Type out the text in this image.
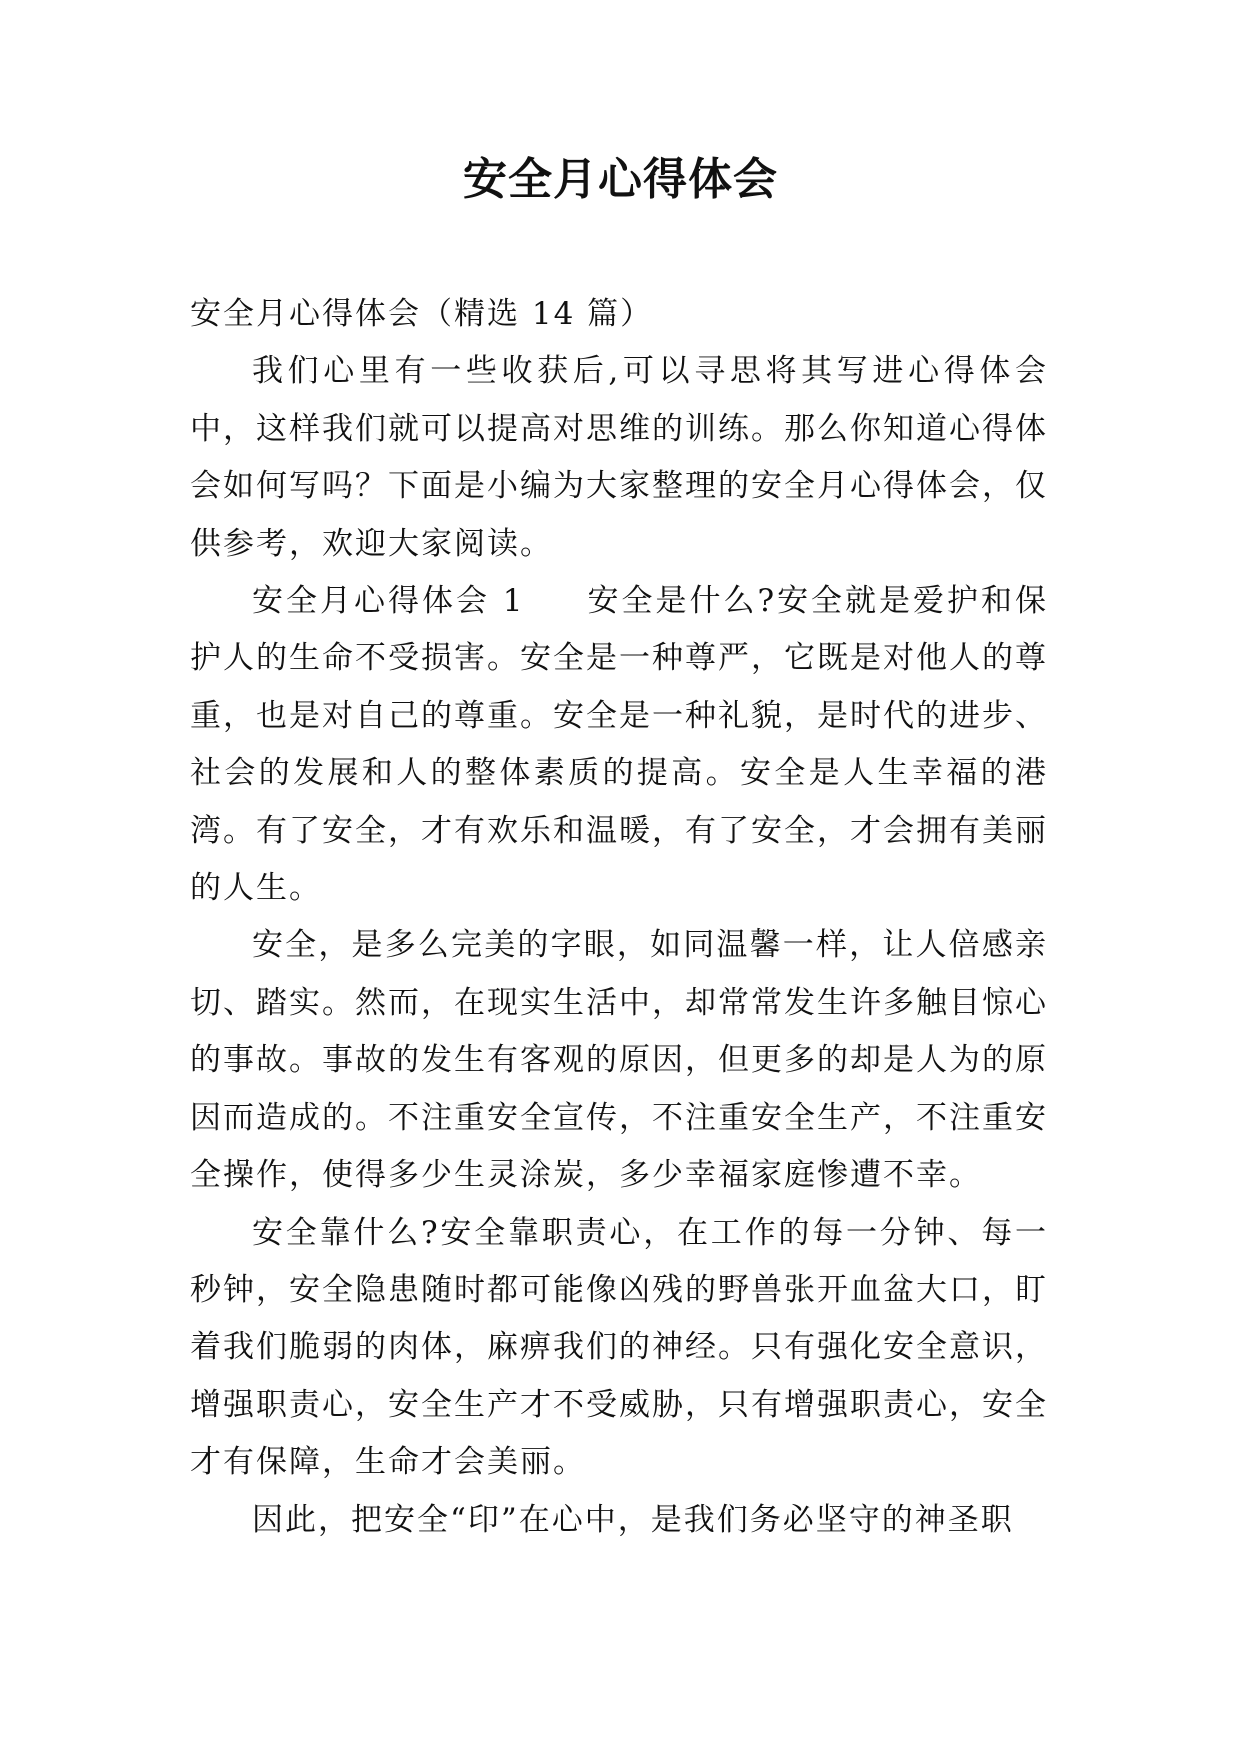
安全月心得体会

安全月心得体会（精选 14 篇）

我们心里有一些收获后,可以寻思将其写进心得体会中，这样我们就可以提高对思维的训练。那么你知道心得体会如何写吗？下面是小编为大家整理的安全月心得体会，仅供参考，欢迎大家阅读。

安全月心得体会 1 安全是什么?安全就是爱护和保护人的生命不受损害。安全是一种尊严，它既是对他人的尊重，也是对自己的尊重。安全是一种礼貌，是时代的进步、社会的发展和人的整体素质的提高。安全是人生幸福的港湾。有了安全，才有欢乐和温暖，有了安全，才会拥有美丽的人生。

安全，是多么完美的字眼，如同温馨一样，让人倍感亲切、踏实。然而，在现实生活中，却常常发生许多触目惊心的事故。事故的发生有客观的原因，但更多的却是人为的原因而造成的。不注重安全宣传，不注重安全生产，不注重安全操作，使得多少生灵涂炭，多少幸福家庭惨遭不幸。

安全靠什么?安全靠职责心，在工作的每一分钟、每一秒钟，安全隐患随时都可能像凶残的野兽张开血盆大口，盯着我们脆弱的肉体，麻痹我们的神经。只有强化安全意识，增强职责心，安全生产才不受威胁，只有增强职责心，安全才有保障，生命才会美丽。

因此，把安全“印”在心中，是我们务必坚守的神圣职
